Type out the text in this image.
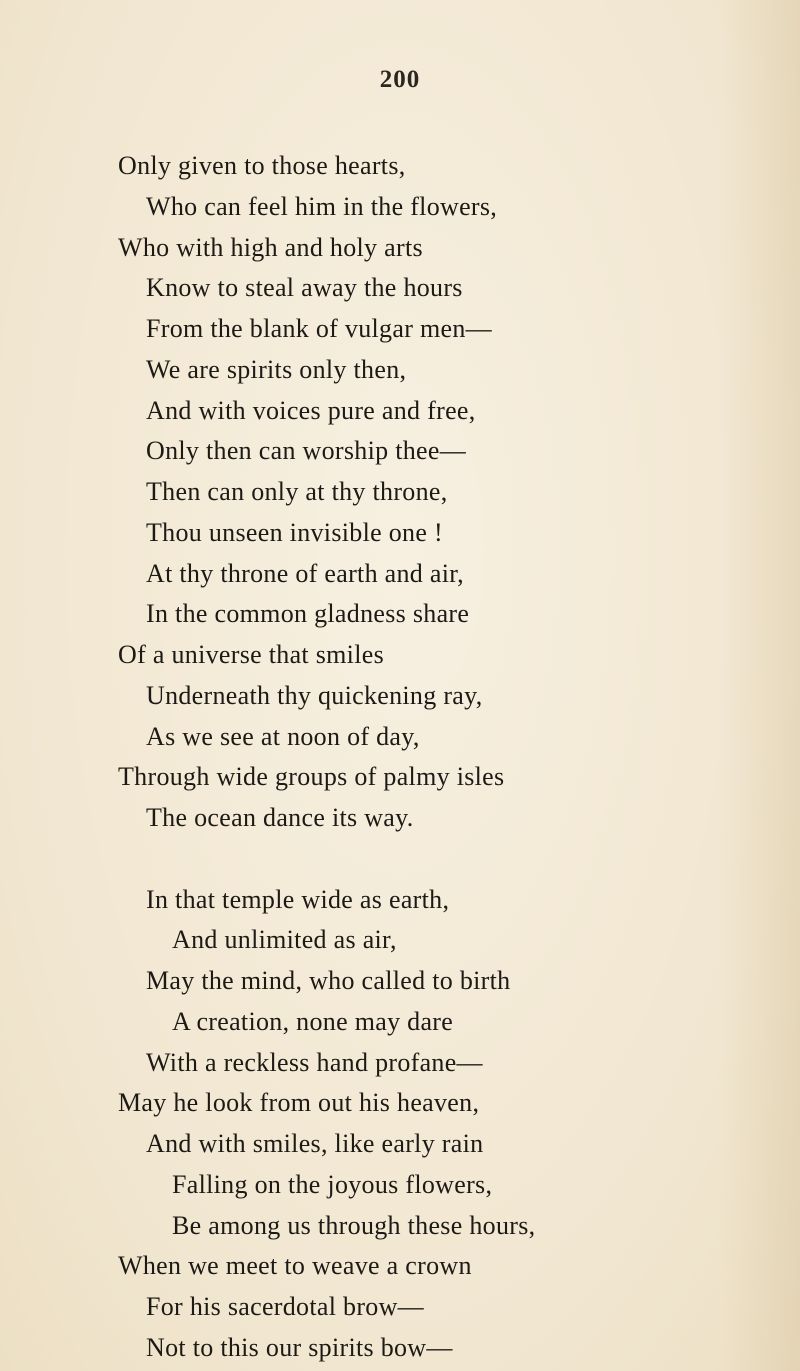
200
Only given to those hearts,
Who can feel him in the flowers,
Who with high and holy arts
Know to steal away the hours
From the blank of vulgar men—
We are spirits only then,
And with voices pure and free,
Only then can worship thee—
Then can only at thy throne,
Thou unseen invisible one !
At thy throne of earth and air,
In the common gladness share
Of a universe that smiles
Underneath thy quickening ray,
As we see at noon of day,
Through wide groups of palmy isles
The ocean dance its way.
In that temple wide as earth,
And unlimited as air,
May the mind, who called to birth
A creation, none may dare
With a reckless hand profane—
May he look from out his heaven,
And with smiles, like early rain
Falling on the joyous flowers,
Be among us through these hours,
When we meet to weave a crown
For his sacerdotal brow—
Not to this our spirits bow—
